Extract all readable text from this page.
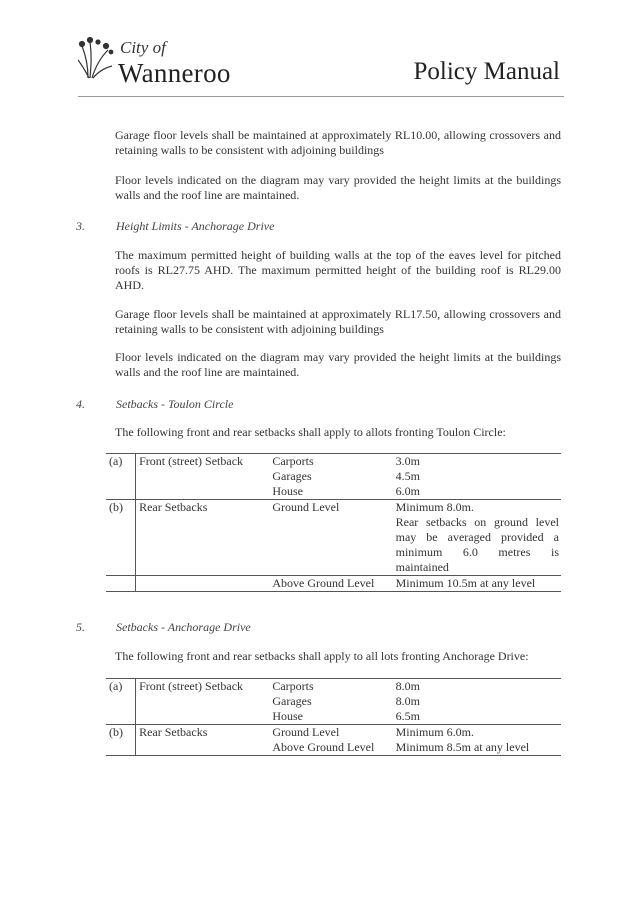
City of
Wanneroo	Policy Manual
Garage floor levels shall be maintained at approximately RL10.00, allowing crossovers and retaining walls to be consistent with adjoining buildings
Floor levels indicated on the diagram may vary provided the height limits at the buildings walls and the roof line are maintained.
3.	Height Limits - Anchorage Drive
The maximum permitted height of building walls at the top of the eaves level for pitched roofs is RL27.75 AHD. The maximum permitted height of the building roof is RL29.00 AHD.
Garage floor levels shall be maintained at approximately RL17.50, allowing crossovers and retaining walls to be consistent with adjoining buildings
Floor levels indicated on the diagram may vary provided the height limits at the buildings walls and the roof line are maintained.
4.	Setbacks - Toulon Circle
The following front and rear setbacks shall apply to allots fronting Toulon Circle:
(a)	Front (street) Setback	Carports	3.0m
		Garages	4.5m
		House	6.0m
(b)	Rear Setbacks	Ground Level	Minimum 8.0m.
			Rear setbacks on ground level may be averaged provided a minimum 6.0 metres is maintained
		Above Ground Level	Minimum 10.5m at any level
5.	Setbacks - Anchorage Drive
The following front and rear setbacks shall apply to all lots fronting Anchorage Drive:
(a)	Front (street) Setback	Carports	8.0m
		Garages	8.0m
		House	6.5m
(b)	Rear Setbacks	Ground Level	Minimum 6.0m.
		Above Ground Level	Minimum 8.5m at any level
